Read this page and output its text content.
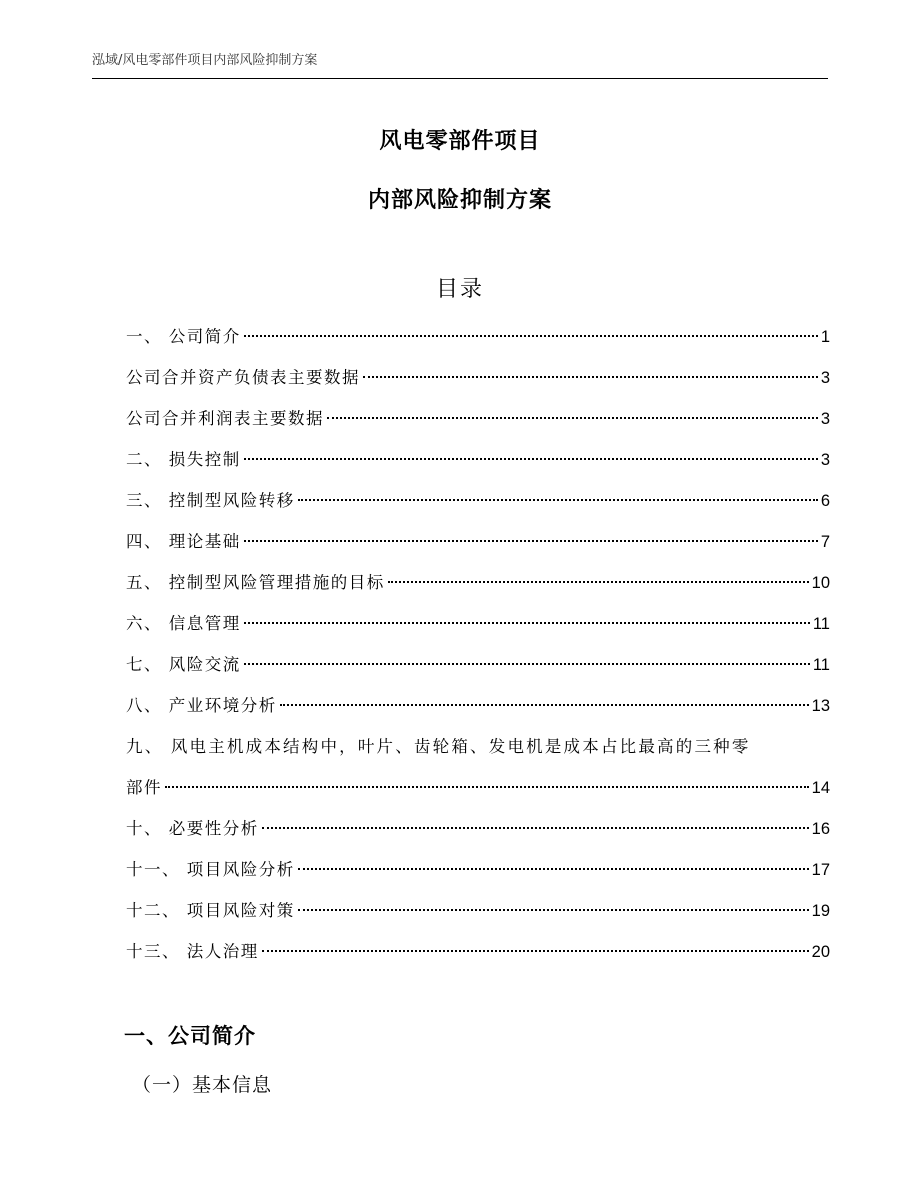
泓域/风电零部件项目内部风险抑制方案
风电零部件项目
内部风险抑制方案
目录
一、 公司简介	1
公司合并资产负债表主要数据	3
公司合并利润表主要数据	3
二、 损失控制	3
三、 控制型风险转移	6
四、 理论基础	7
五、 控制型风险管理措施的目标	10
六、 信息管理	11
七、 风险交流	11
八、 产业环境分析	13
九、 风电主机成本结构中，叶片、齿轮箱、发电机是成本占比最高的三种零
部件	14
十、 必要性分析	16
十一、 项目风险分析	17
十二、 项目风险对策	19
十三、 法人治理	20
一、公司简介
（一）基本信息
